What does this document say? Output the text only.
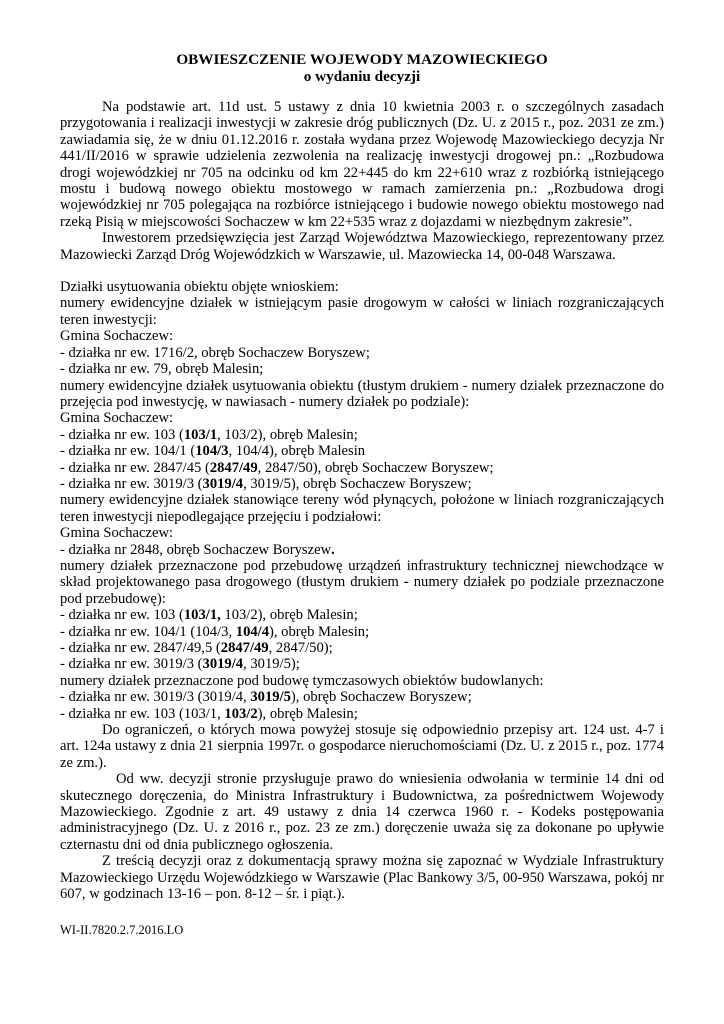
OBWIESZCZENIE WOJEWODY MAZOWIECKIEGO

o wydaniu decyzji

Na podstawie art. 11d ust. 5 ustawy z dnia 10 kwietnia 2003 r. o szczególnych zasadach przygotowania i realizacji inwestycji w zakresie dróg publicznych (Dz. U. z 2015 r., poz. 2031 ze zm.) zawiadamia się, że w dniu 01.12.2016 r. została wydana przez Wojewodę Mazowieckiego decyzja Nr 441/II/2016 w sprawie udzielenia zezwolenia na realizację inwestycji drogowej pn.: „Rozbudowa drogi wojewódzkiej nr 705 na odcinku od km 22+445 do km 22+610 wraz z rozbiórką istniejącego mostu i budową nowego obiektu mostowego w ramach zamierzenia pn.: „Rozbudowa drogi wojewódzkiej nr 705 polegająca na rozbiórce istniejącego i budowie nowego obiektu mostowego nad rzeką Pisią w miejscowości Sochaczew w km 22+535 wraz z dojazdami w niezbędnym zakresie”.

Inwestorem przedsięwzięcia jest Zarząd Województwa Mazowieckiego, reprezentowany przez Mazowiecki Zarząd Dróg Wojewódzkich w Warszawie, ul. Mazowiecka 14, 00-048 Warszawa.

Działki usytuowania obiektu objęte wnioskiem:

numery ewidencyjne działek w istniejącym pasie drogowym w całości w liniach rozgraniczających teren inwestycji:

Gmina Sochaczew:

- działka nr ew. 1716/2, obręb Sochaczew Boryszew;

- działka nr ew. 79, obręb Malesin;

numery ewidencyjne działek usytuowania obiektu (tłustym drukiem - numery działek przeznaczone do przejęcia pod inwestycję, w nawiasach - numery działek po podziale):

Gmina Sochaczew:

- działka nr ew. 103 (103/1, 103/2), obręb Malesin;

- działka nr ew. 104/1 (104/3, 104/4), obręb Malesin

- działka nr ew. 2847/45 (2847/49, 2847/50), obręb Sochaczew Boryszew;

- działka nr ew. 3019/3 (3019/4, 3019/5), obręb Sochaczew Boryszew;

numery ewidencyjne działek stanowiące tereny wód płynących, położone w liniach rozgraniczających teren inwestycji niepodlegające przejęciu i podziałowi:

Gmina Sochaczew:

- działka nr 2848, obręb Sochaczew Boryszew.

numery działek przeznaczone pod przebudowę urządzeń infrastruktury technicznej niewchodzące w skład projektowanego pasa drogowego (tłustym drukiem - numery działek po podziale przeznaczone pod przebudowę):

- działka nr ew. 103 (103/1, 103/2), obręb Malesin;

- działka nr ew. 104/1 (104/3, 104/4), obręb Malesin;

- działka nr ew. 2847/49,5 (2847/49, 2847/50);

- działka nr ew. 3019/3 (3019/4, 3019/5);

numery działek przeznaczone pod budowę tymczasowych obiektów budowlanych:

- działka nr ew. 3019/3 (3019/4, 3019/5), obręb Sochaczew Boryszew;

- działka nr ew. 103 (103/1, 103/2), obręb Malesin;

Do ograniczeń, o których mowa powyżej stosuje się odpowiednio przepisy art. 124 ust. 4-7 i art. 124a ustawy z dnia 21 sierpnia 1997r. o gospodarce nieruchomościami (Dz. U. z 2015 r., poz. 1774 ze zm.).

Od ww. decyzji stronie przysługuje prawo do wniesienia odwołania w terminie 14 dni od skutecznego doręczenia, do Ministra Infrastruktury i Budownictwa, za pośrednictwem Wojewody Mazowieckiego. Zgodnie z art. 49 ustawy z dnia 14 czerwca 1960 r. - Kodeks postępowania administracyjnego (Dz. U. z 2016 r., poz. 23 ze zm.) doręczenie uważa się za dokonane po upływie czternastu dni od dnia publicznego ogłoszenia.

Z treścią decyzji oraz z dokumentacją sprawy można się zapoznać w Wydziale Infrastruktury Mazowieckiego Urzędu Wojewódzkiego w Warszawie (Plac Bankowy 3/5, 00-950 Warszawa, pokój nr 607, w godzinach 13-16 – pon. 8-12 – śr. i piąt.).

WI-II.7820.2.7.2016.LO
